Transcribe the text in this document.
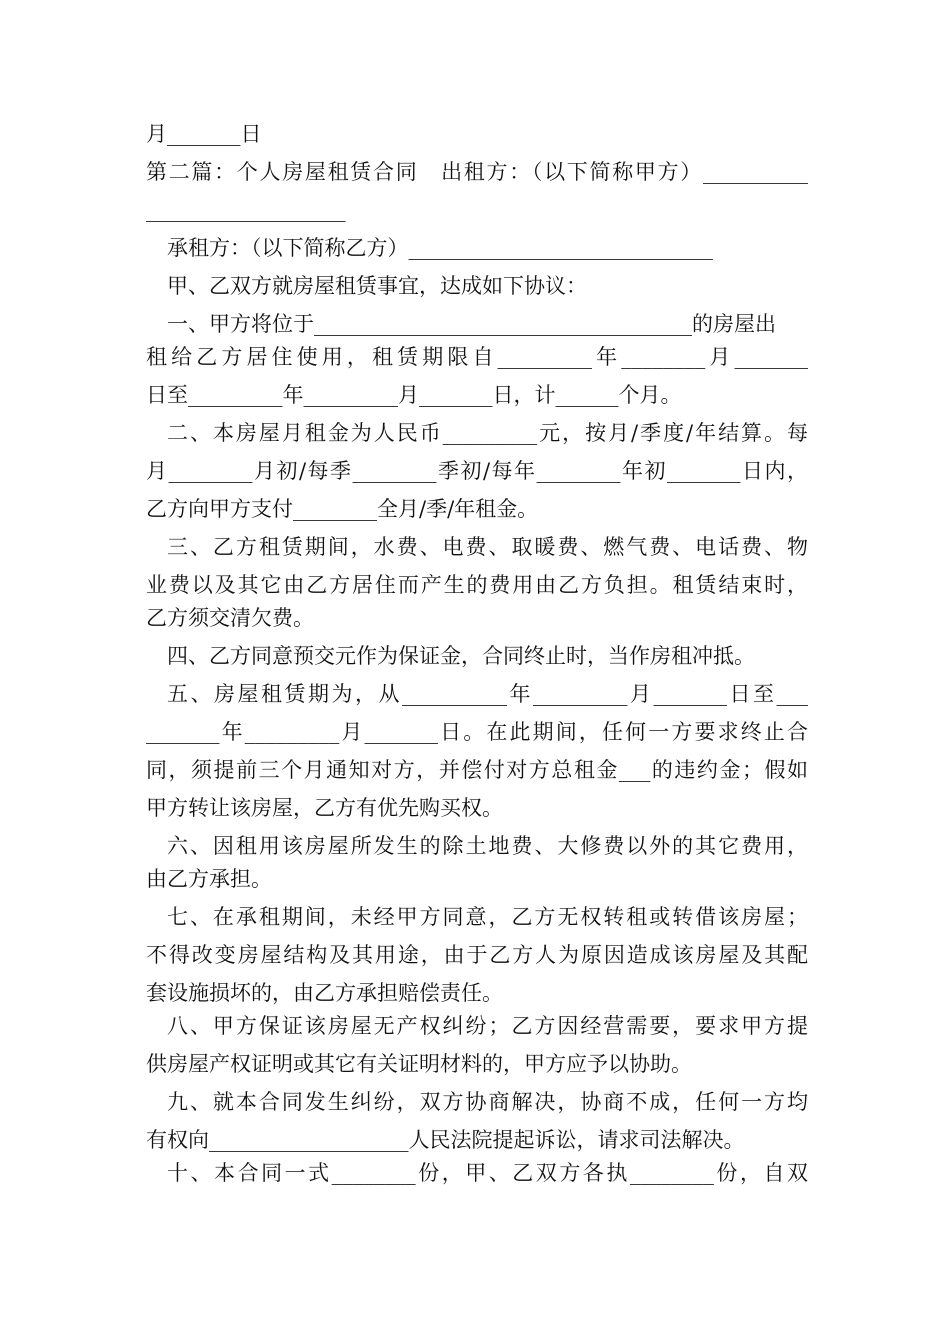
月_______日
第二篇：个人房屋租赁合同　出租方：（以下简称甲方）__________
___________________
承租方：（以下简称乙方）_____________________________
甲、乙双方就房屋租赁事宜，达成如下协议：
一、甲方将位于____________________________________的房屋出
租给乙方居住使用，租赁期限自_________年________月_______
日至_________年_________月_______日，计______个月。
二、本房屋月租金为人民币_________元，按月/季度/年结算。每
月________月初/每季________季初/每年________年初_______日内，
乙方向甲方支付________全月/季/年租金。
三、乙方租赁期间，水费、电费、取暖费、燃气费、电话费、物
业费以及其它由乙方居住而产生的费用由乙方负担。租赁结束时，
乙方须交清欠费。
四、乙方同意预交元作为保证金，合同终止时，当作房租冲抵。
五、房屋租赁期为，从__________年_________月_______日至___
_______年_________月_______日。在此期间，任何一方要求终止合
同，须提前三个月通知对方，并偿付对方总租金___的违约金；假如
甲方转让该房屋，乙方有优先购买权。
六、因租用该房屋所发生的除土地费、大修费以外的其它费用，
由乙方承担。
七、在承租期间，未经甲方同意，乙方无权转租或转借该房屋；
不得改变房屋结构及其用途，由于乙方人为原因造成该房屋及其配
套设施损坏的，由乙方承担赔偿责任。
八、甲方保证该房屋无产权纠纷；乙方因经营需要，要求甲方提
供房屋产权证明或其它有关证明材料的，甲方应予以协助。
九、就本合同发生纠纷，双方协商解决，协商不成，任何一方均
有权向___________________人民法院提起诉讼，请求司法解决。
十、本合同一式________份，甲、乙双方各执________份，自双
